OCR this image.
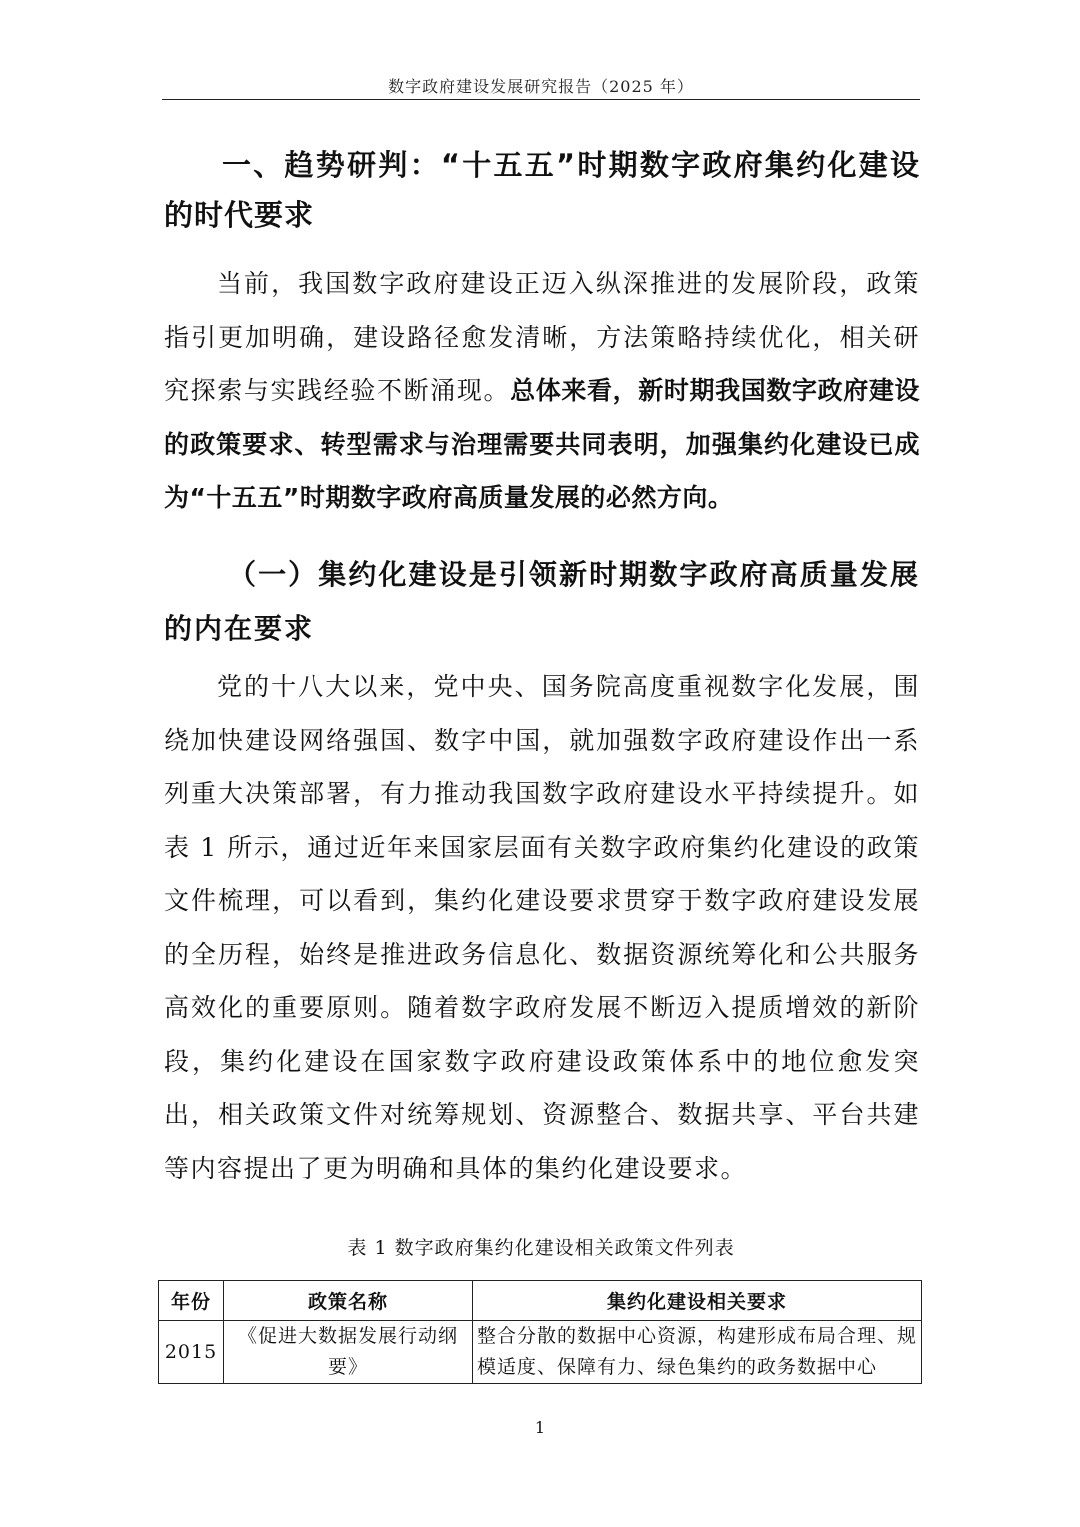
数字政府建设发展研究报告（2025 年）
一、趋势研判：“十五五”时期数字政府集约化建设的时代要求
当前，我国数字政府建设正迈入纵深推进的发展阶段，政策指引更加明确，建设路径愈发清晰，方法策略持续优化，相关研究探索与实践经验不断涌现。总体来看，新时期我国数字政府建设的政策要求、转型需求与治理需要共同表明，加强集约化建设已成为“十五五”时期数字政府高质量发展的必然方向。
（一）集约化建设是引领新时期数字政府高质量发展的内在要求
党的十八大以来，党中央、国务院高度重视数字化发展，围绕加快建设网络强国、数字中国，就加强数字政府建设作出一系列重大决策部署，有力推动我国数字政府建设水平持续提升。如表 1 所示，通过近年来国家层面有关数字政府集约化建设的政策文件梳理，可以看到，集约化建设要求贯穿于数字政府建设发展的全历程，始终是推进政务信息化、数据资源统筹化和公共服务高效化的重要原则。随着数字政府发展不断迈入提质增效的新阶段，集约化建设在国家数字政府建设政策体系中的地位愈发突出，相关政策文件对统筹规划、资源整合、数据共享、平台共建等内容提出了更为明确和具体的集约化建设要求。
表 1 数字政府集约化建设相关政策文件列表
年份	政策名称	集约化建设相关要求
2015	《促进大数据发展行动纲要》	整合分散的数据中心资源，构建形成布局合理、规模适度、保障有力、绿色集约的政务数据中心
1
